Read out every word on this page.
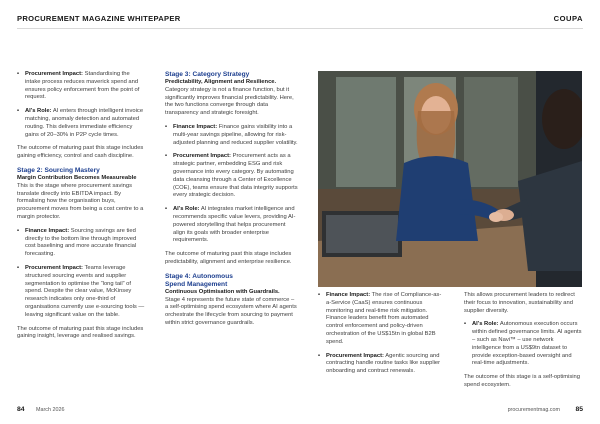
PROCUREMENT MAGAZINE WHITEPAPER	COUPA
• Procurement Impact: Standardising the intake process reduces maverick spend and ensures policy enforcement from the point of request.
• AI’s Role: AI enters through intelligent invoice matching, anomaly detection and automated routing. This delivers immediate efficiency gains of 20–30% in P2P cycle times.

The outcome of maturing past this stage includes gaining efficiency, control and cash discipline.

Stage 2: Sourcing Mastery
Margin Contribution Becomes Measureable

This is the stage where procurement savings translate directly into EBITDA impact. By formalising how the organisation buys, procurement moves from being a cost centre to a margin protector.

• Finance Impact: Sourcing savings are tied directly to the bottom line through improved cost baselining and more accurate financial forecasting.
• Procurement Impact: Teams leverage structured sourcing events and supplier segmentation to optimise the “long tail” of spend. Despite the clear value, McKinsey research indicates only one-third of organisations currently use e-sourcing tools — leaving significant value on the table.

The outcome of maturing past this stage includes gaining insight, leverage and realised savings.

Stage 3: Category Strategy
Predictability, Alignment and Resilience.

Category strategy is not a finance function, but it significantly improves financial predictability. Here, the two functions converge through data transparency and strategic foresight.

• Finance Impact: Finance gains visibility into a multi-year savings pipeline, allowing for risk-adjusted planning and reduced supplier volatility.
• Procurement Impact: Procurement acts as a strategic partner, embedding ESG and risk governance into every category. By automating data cleansing through a Center of Excellence (COE), teams ensure that data integrity supports every strategic decision.
• AI’s Role: AI integrates market intelligence and recommends specific value levers, providing AI-powered storytelling that helps procurement align its goals with broader enterprise requirements.

The outcome of maturing past this stage includes predictability, alignment and enterprise resilience.

Stage 4: Autonomous
Spend Management
Continuous Optimisation with Guardrails.

Stage 4 represents the future state of commerce – a self-optimising spend ecosystem where AI agents orchestrate the lifecycle from sourcing to payment within strict governance guardrails.

• Finance Impact: The rise of Compliance-as-a-Service (CaaS) ensures continuous monitoring and real-time risk mitigation. Finance leaders benefit from automated control enforcement and policy-driven orchestration of the US$15tn in global B2B spend.
• Procurement Impact: Agentic sourcing and contracting handle routine tasks like supplier onboarding and contract renewals.

This allows procurement leaders to redirect their focus to innovation, sustainability and supplier diversity.

• AI’s Role: Autonomous execution occurs within defined governance limits. AI agents – such as Navi™ – use network intelligence from a US$9tn dataset to provide exception-based oversight and real-time adjustments.

The outcome of this stage is a self-optimising spend ecosystem.

84 March 2026	procurementmag.com 85
